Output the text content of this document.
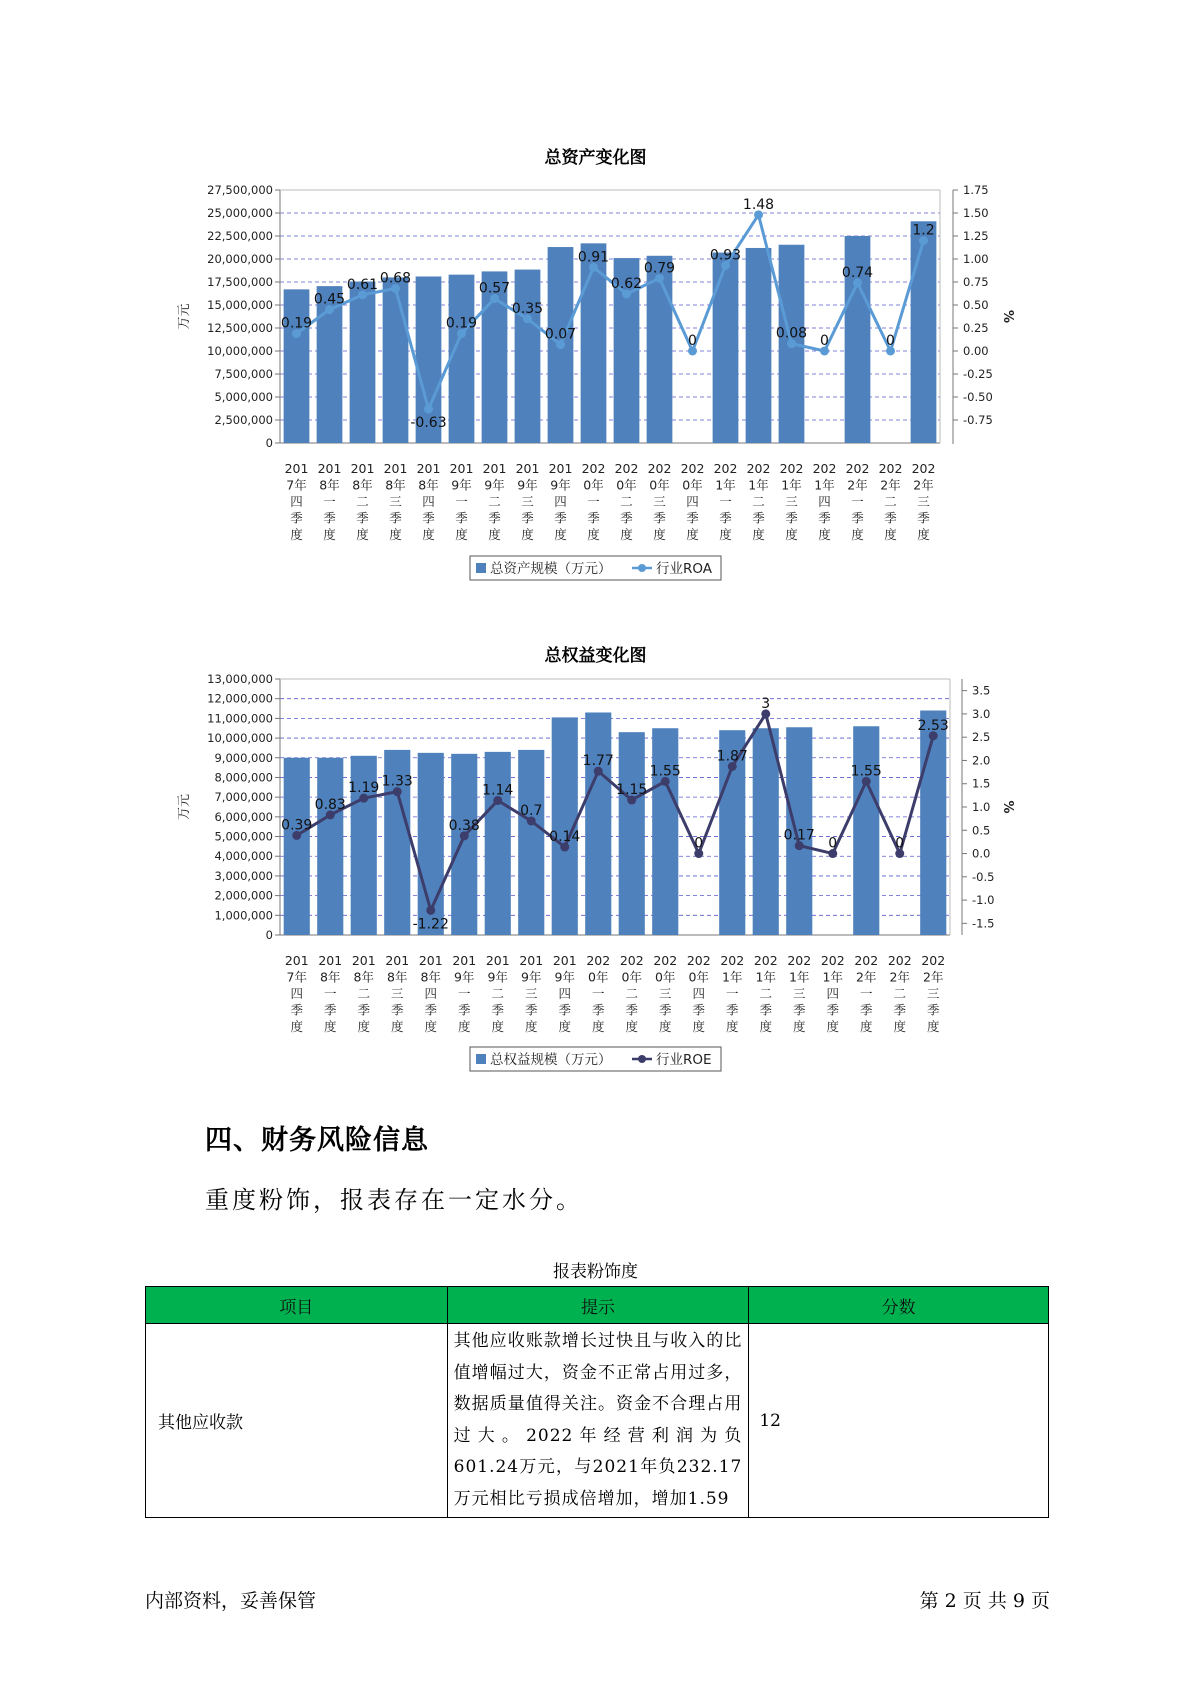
总资产变化图
0
2,500,000
5,000,000
7,500,000
10,000,000
12,500,000
15,000,000
17,500,000
20,000,000
22,500,000
25,000,000
27,500,000
-0.75
-0.50
-0.25
0.00
0.25
0.50
0.75
1.00
1.25
1.50
1.75
万元	%
0.19
0.45
0.61 0.68
-0.63
0.19
0.57
0.35
0.07
0.91
0.62
0.79
0
0.93
1.48
0.08 0
0.74
0
1.2
201
7年
四
季
度
201
8年
一
季
度
201
8年
二
季
度
201
8年
三
季
度
201
8年
四
季
度
201
9年
一
季
度
201
9年
二
季
度
201
9年
三
季
度
201
9年
四
季
度
202
0年
一
季
度
202
0年
二
季
度
202
0年
三
季
度
202
0年
四
季
度
202
1年
一
季
度
202
1年
二
季
度
202
1年
三
季
度
202
1年
四
季
度
202
2年
一
季
度
202
2年
二
季
度
202
2年
三
季
度
总资产规模（万元）	行业ROA
总权益变化图
0
1,000,000
2,000,000
3,000,000
4,000,000
5,000,000
6,000,000
7,000,000
8,000,000
9,000,000
10,000,000
11,000,000
12,000,000
13,000,000
-1.5
-1.0
-0.5
0.0
0.5
1.0
1.5
2.0
2.5
3.0
3.5
万元	%
0.39
0.83
1.19 1.33
-1.22
0.38
1.14
0.7
0.14
1.77
1.15
1.55
0
1.87
3
0.17 0
1.55
0
2.53
201
7年
四
季
度
201
8年
一
季
度
201
8年
二
季
度
201
8年
三
季
度
201
8年
四
季
度
201
9年
一
季
度
201
9年
二
季
度
201
9年
三
季
度
201
9年
四
季
度
202
0年
一
季
度
202
0年
二
季
度
202
0年
三
季
度
202
0年
四
季
度
202
1年
一
季
度
202
1年
二
季
度
202
1年
三
季
度
202
1年
四
季
度
202
2年
一
季
度
202
2年
二
季
度
202
2年
三
季
度
总权益规模（万元）	行业ROE
四、财务风险信息
重度粉饰，报表存在一定水分。
报表粉饰度
项目	提示	分数
其他应收款	其他应收账款增长过快且与收入的比值增幅过大，资金不正常占用过多，数据质量值得关注。资金不合理占用过大。2022年经营利润为负601.24万元，与2021年负232.17万元相比亏损成倍增加，增加1.59	12
内部资料，妥善保管	第 2 页 共 9 页
